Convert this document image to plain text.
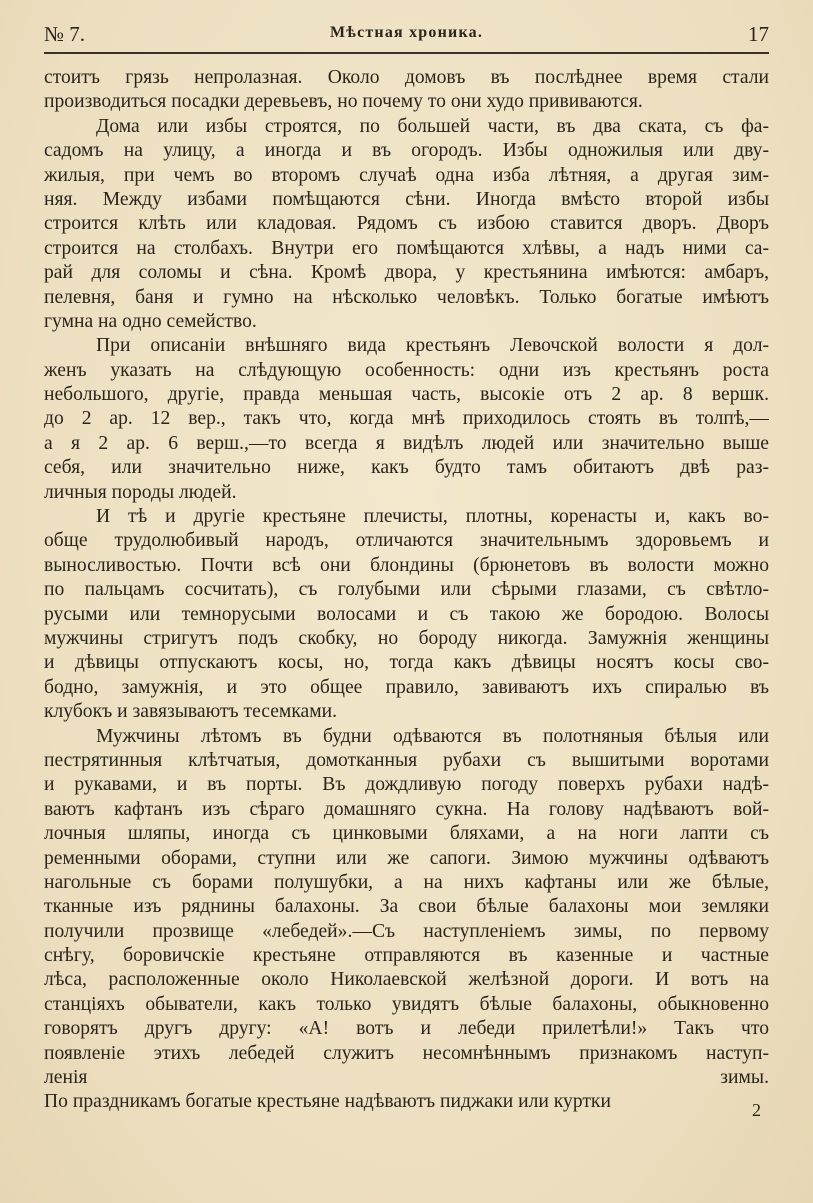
№ 7.	Мѣстная хроника.	17
стоитъ грязь непролазная. Около домовъ въ послѣднее время стали
производиться посадки деревьевъ, но почему то они худо прививаются.
Дома или избы строятся, по большей части, въ два ската, съ фа-
садомъ на улицу, а иногда и въ огородъ. Избы одножилыя или дву-
жилыя, при чемъ во второмъ случаѣ одна изба лѣтняя, а другая зим-
няя. Между избами помѣщаются сѣни. Иногда вмѣсто второй избы
строится клѣть или кладовая. Рядомъ съ избою ставится дворъ. Дворъ
строится на столбахъ. Внутри его помѣщаются хлѣвы, а надъ ними са-
рай для соломы и сѣна. Кромѣ двора, у крестьянина имѣются: амбаръ,
пелевня, баня и гумно на нѣсколько человѣкъ. Только богатые имѣютъ
гумна на одно семейство.
При описаніи внѣшняго вида крестьянъ Левочской волости я дол-
женъ указать на слѣдующую особенность: одни изъ крестьянъ роста
небольшого, другіе, правда меньшая часть, высокіе отъ 2 ар. 8 вершк.
до 2 ар. 12 вер., такъ что, когда мнѣ приходилось стоять въ толпѣ,—
а я 2 ар. 6 верш.,—то всегда я видѣлъ людей или значительно выше
себя, или значительно ниже, какъ будто тамъ обитаютъ двѣ раз-
личныя породы людей.
И тѣ и другіе крестьяне плечисты, плотны, коренасты и, какъ во-
обще трудолюбивый народъ, отличаются значительнымъ здоровьемъ и
выносливостью. Почти всѣ они блондины (брюнетовъ въ волости можно
по пальцамъ сосчитать), съ голубыми или сѣрыми глазами, съ свѣтло-
русыми или темнорусыми волосами и съ такою же бородою. Волосы
мужчины стригутъ подъ скобку, но бороду никогда. Замужнія женщины
и дѣвицы отпускаютъ косы, но, тогда какъ дѣвицы носятъ косы сво-
бодно, замужнія, и это общее правило, завиваютъ ихъ спиралью въ
клубокъ и завязываютъ тесемками.
Мужчины лѣтомъ въ будни одѣваются въ полотняныя бѣлыя или
пестрятинныя клѣтчатыя, домотканныя рубахи съ вышитыми воротами
и рукавами, и въ порты. Въ дождливую погоду поверхъ рубахи надѣ-
ваютъ кафтанъ изъ сѣраго домашняго сукна. На голову надѣваютъ вой-
лочныя шляпы, иногда съ цинковыми бляхами, а на ноги лапти съ
ременными оборами, ступни или же сапоги. Зимою мужчины одѣваютъ
нагольные съ борами полушубки, а на нихъ кафтаны или же бѣлые,
тканные изъ ряднины балахоны. За свои бѣлые балахоны мои земляки
получили прозвище «лебедей».—Съ наступленіемъ зимы, по первому
снѣгу, боровичскіе крестьяне отправляются въ казенные и частные
лѣса, расположенные около Николаевской желѣзной дороги. И вотъ на
станціяхъ обыватели, какъ только увидятъ бѣлые балахоны, обыкновенно
говорятъ другъ другу: «А! вотъ и лебеди прилетѣли!» Такъ что
появленіе этихъ лебедей служитъ несомнѣннымъ признакомъ наступ-
ленія зимы.
По праздникамъ богатые крестьяне надѣваютъ пиджаки или куртки	2
